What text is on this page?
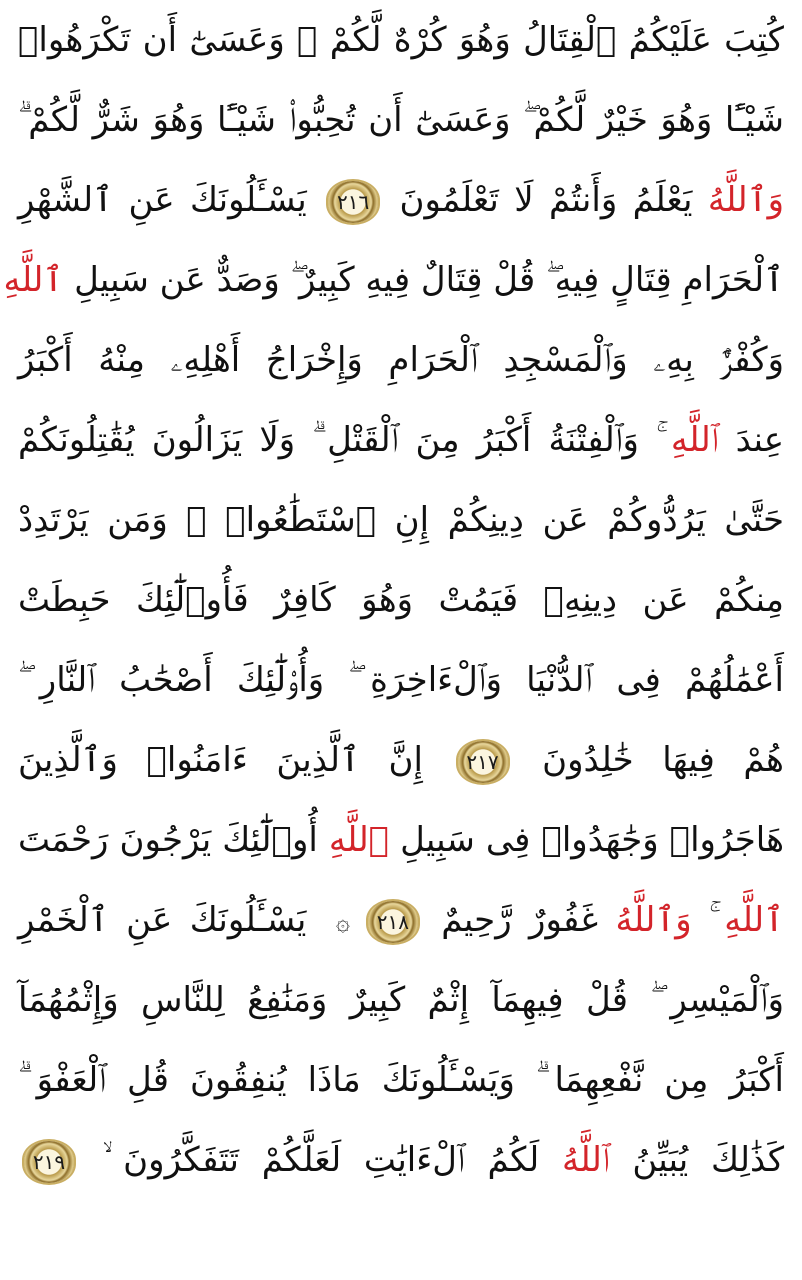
كُتِبَ عَلَيْكُمُ ٱلْقِتَالُ وَهُوَ كُرْهٌ لَّكُمْ ۖ وَعَسَىٰٓ أَن تَكْرَهُوا۟
شَيْـًٔا وَهُوَ خَيْرٌ لَّكُمْ ۖ وَعَسَىٰٓ أَن تُحِبُّوا۟ شَيْـًٔا وَهُوَ شَرٌّ لَّكُمْ ۗ
وَٱللَّهُ يَعْلَمُ وَأَنتُمْ لَا تَعْلَمُونَ ٢١٦ يَسْـَٔلُونَكَ عَنِ ٱلشَّهْرِ
ٱلْحَرَامِ قِتَالٍ فِيهِ ۖ قُلْ قِتَالٌ فِيهِ كَبِيرٌ ۖ وَصَدٌّ عَن سَبِيلِ ٱللَّهِ
وَكُفْرٌۢ بِهِۦ وَٱلْمَسْجِدِ ٱلْحَرَامِ وَإِخْرَاجُ أَهْلِهِۦ مِنْهُ أَكْبَرُ
عِندَ ٱللَّهِ ۚ وَٱلْفِتْنَةُ أَكْبَرُ مِنَ ٱلْقَتْلِ ۗ وَلَا يَزَالُونَ يُقَٰتِلُونَكُمْ
حَتَّىٰ يَرُدُّوكُمْ عَن دِينِكُمْ إِنِ ٱسْتَطَٰعُوا۟ ۚ وَمَن يَرْتَدِدْ
مِنكُمْ عَن دِينِهِۦ فَيَمُتْ وَهُوَ كَافِرٌ فَأُو۟لَٰٓئِكَ حَبِطَتْ
أَعْمَٰلُهُمْ فِى ٱلدُّنْيَا وَٱلْءَاخِرَةِ ۖ وَأُو۟لَٰٓئِكَ أَصْحَٰبُ ٱلنَّارِ ۖ
هُمْ فِيهَا خَٰلِدُونَ ٢١٧ إِنَّ ٱلَّذِينَ ءَامَنُوا۟ وَٱلَّذِينَ
هَاجَرُوا۟ وَجَٰهَدُوا۟ فِى سَبِيلِ ٱللَّهِ أُو۟لَٰٓئِكَ يَرْجُونَ رَحْمَتَ
ٱللَّهِ ۚ وَٱللَّهُ غَفُورٌ رَّحِيمٌ ٢١٨۞ يَسْـَٔلُونَكَ عَنِ ٱلْخَمْرِ
وَٱلْمَيْسِرِ ۖ قُلْ فِيهِمَآ إِثْمٌ كَبِيرٌ وَمَنَٰفِعُ لِلنَّاسِ وَإِثْمُهُمَآ
أَكْبَرُ مِن نَّفْعِهِمَا ۗ وَيَسْـَٔلُونَكَ مَاذَا يُنفِقُونَ قُلِ ٱلْعَفْوَ ۗ
كَذَٰلِكَ يُبَيِّنُ ٱللَّهُ لَكُمُ ٱلْءَايَٰتِ لَعَلَّكُمْ تَتَفَكَّرُونَ ۙ ٢١٩
